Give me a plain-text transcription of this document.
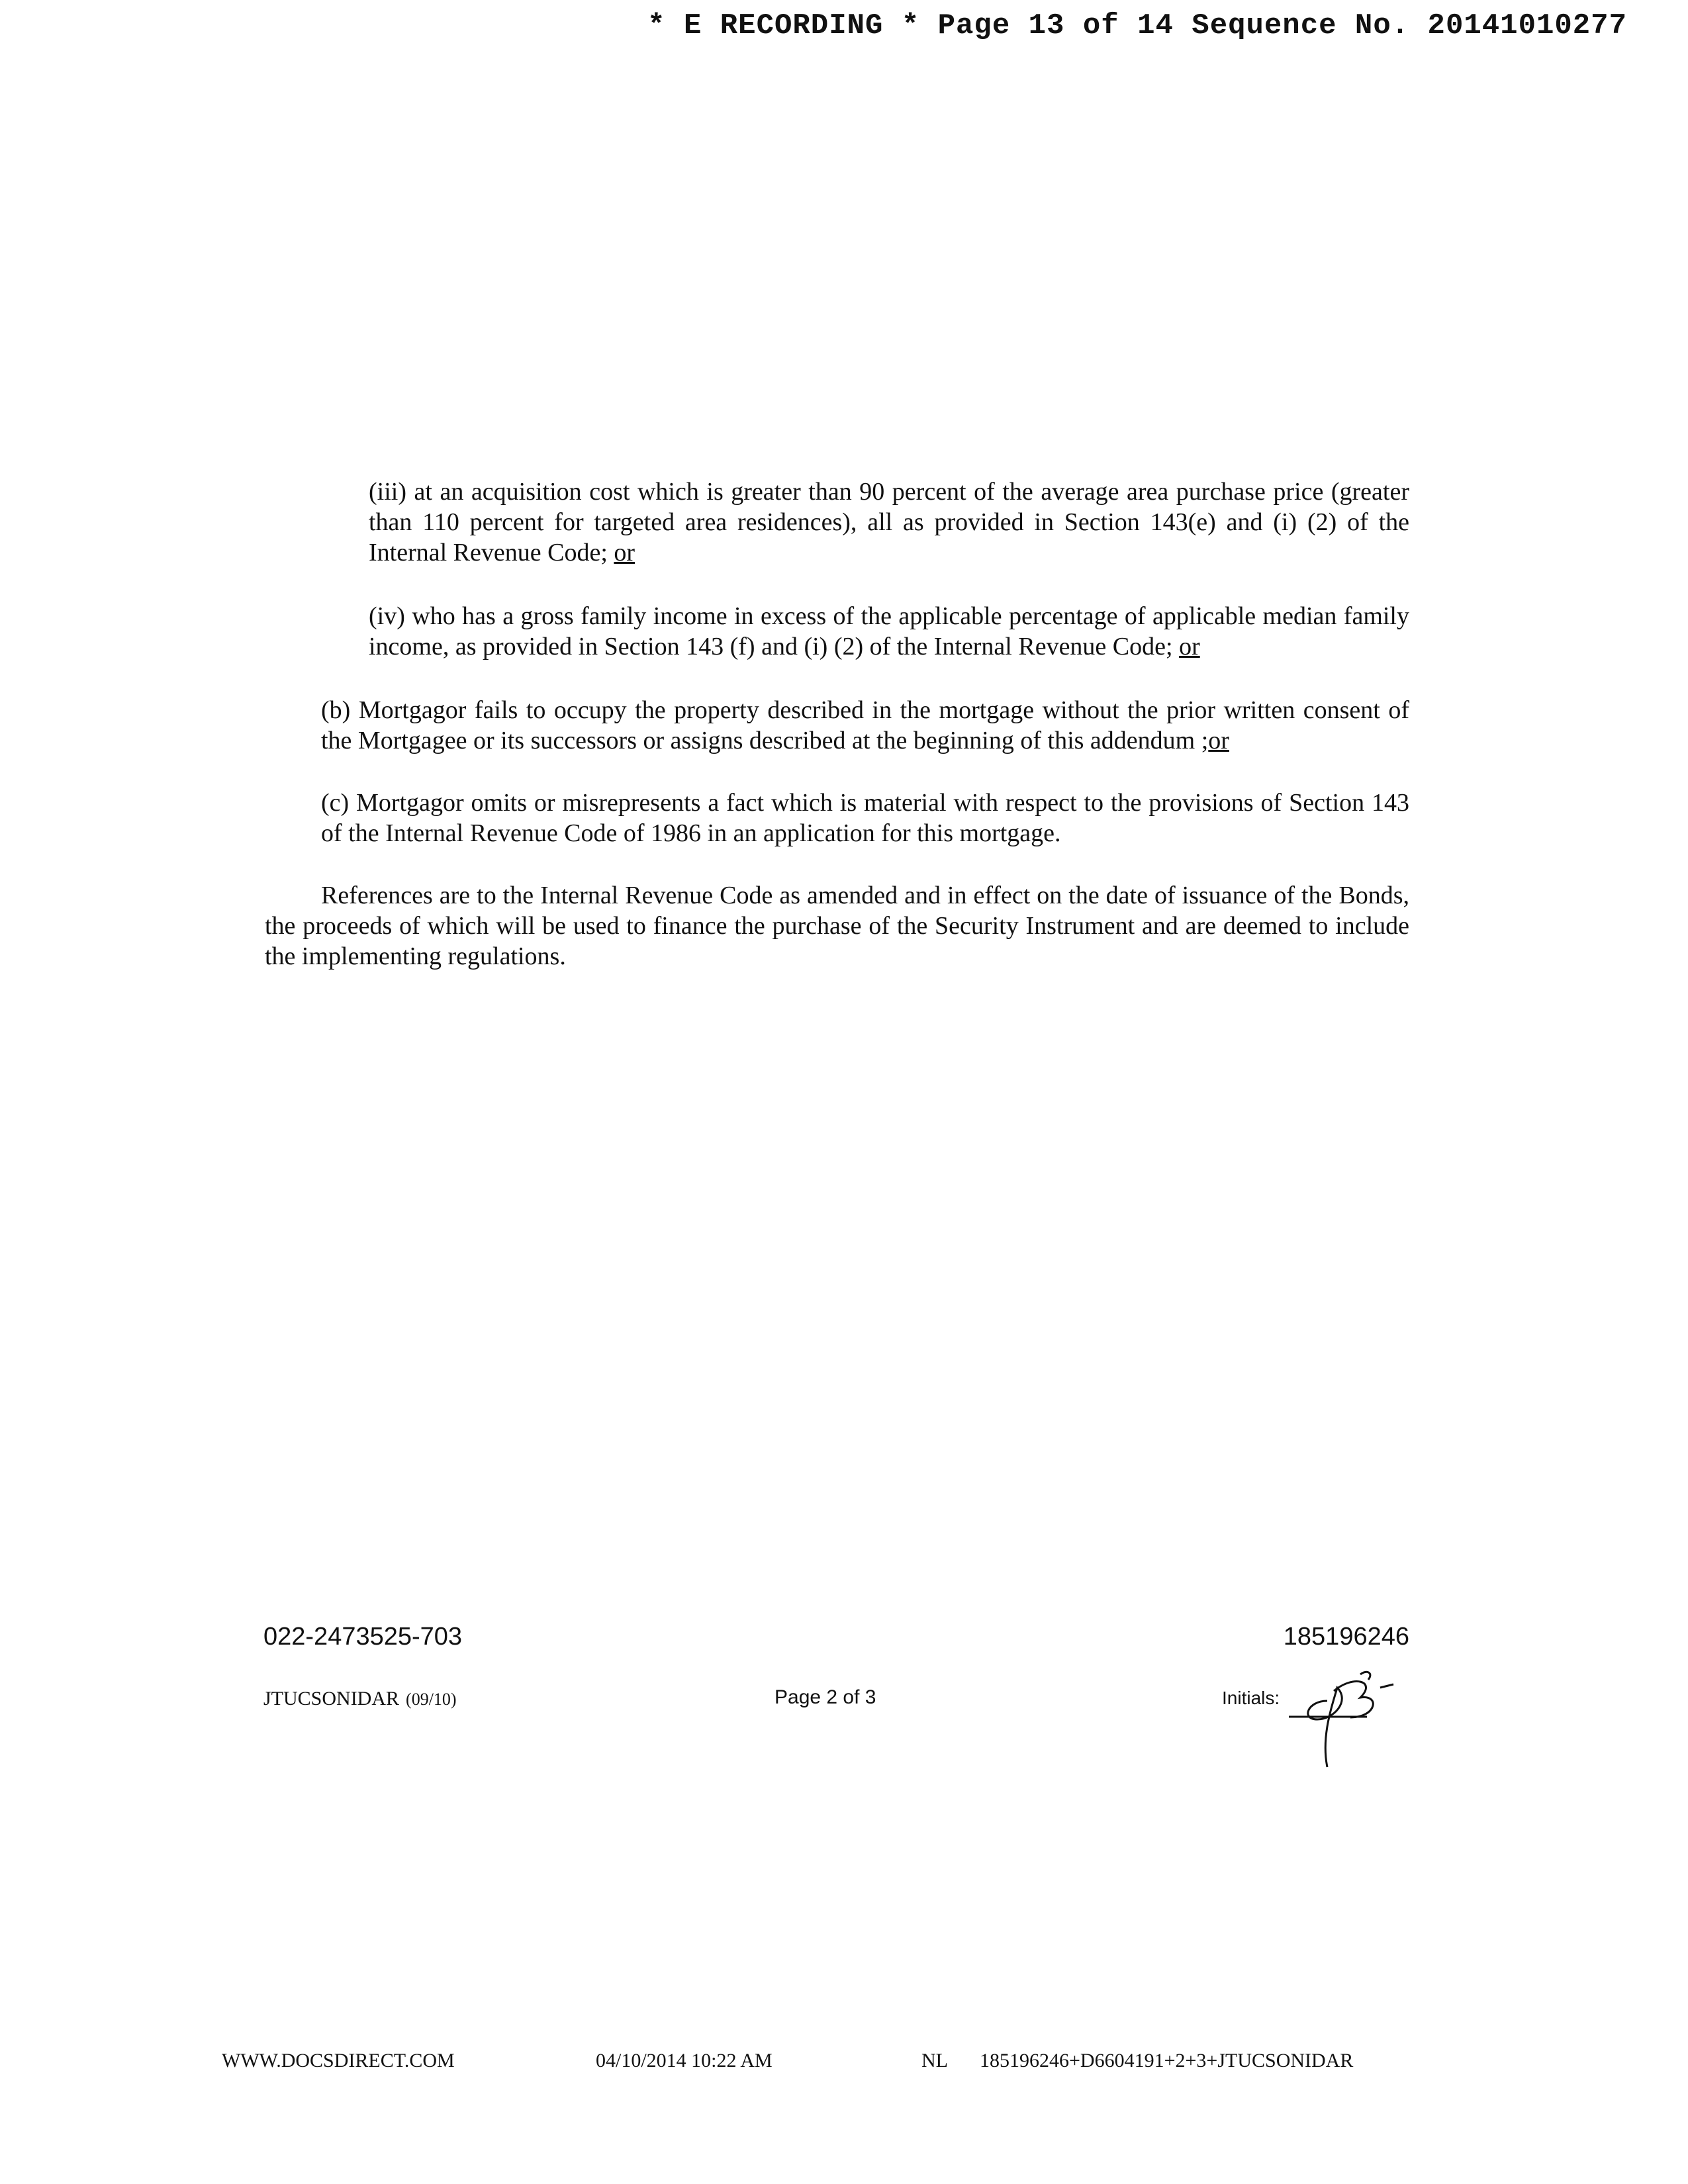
* E RECORDING * Page 13 of 14 Sequence No. 20141010277
(iii) at an acquisition cost which is greater than 90 percent of the average area purchase price (greater than 110 percent for targeted area residences), all as provided in Section 143(e) and (i) (2) of the Internal Revenue Code; or
(iv) who has a gross family income in excess of the applicable percentage of applicable median family income, as provided in Section 143 (f) and (i) (2) of the Internal Revenue Code; or
(b) Mortgagor fails to occupy the property described in the mortgage without the prior written consent of the Mortgagee or its successors or assigns described at the beginning of this addendum ;or
(c) Mortgagor omits or misrepresents a fact which is material with respect to the provisions of Section 143 of the Internal Revenue Code of 1986 in an application for this mortgage.
References are to the Internal Revenue Code as amended and in effect on the date of issuance of the Bonds, the proceeds of which will be used to finance the purchase of the Security Instrument and are deemed to include the implementing regulations.
022-2473525-703	185196246
JTUCSONIDAR (09/10)	Page 2 of 3	Initials:
WWW.DOCSDIRECT.COM	04/10/2014 10:22 AM	NL 185196246+D6604191+2+3+JTUCSONIDAR
